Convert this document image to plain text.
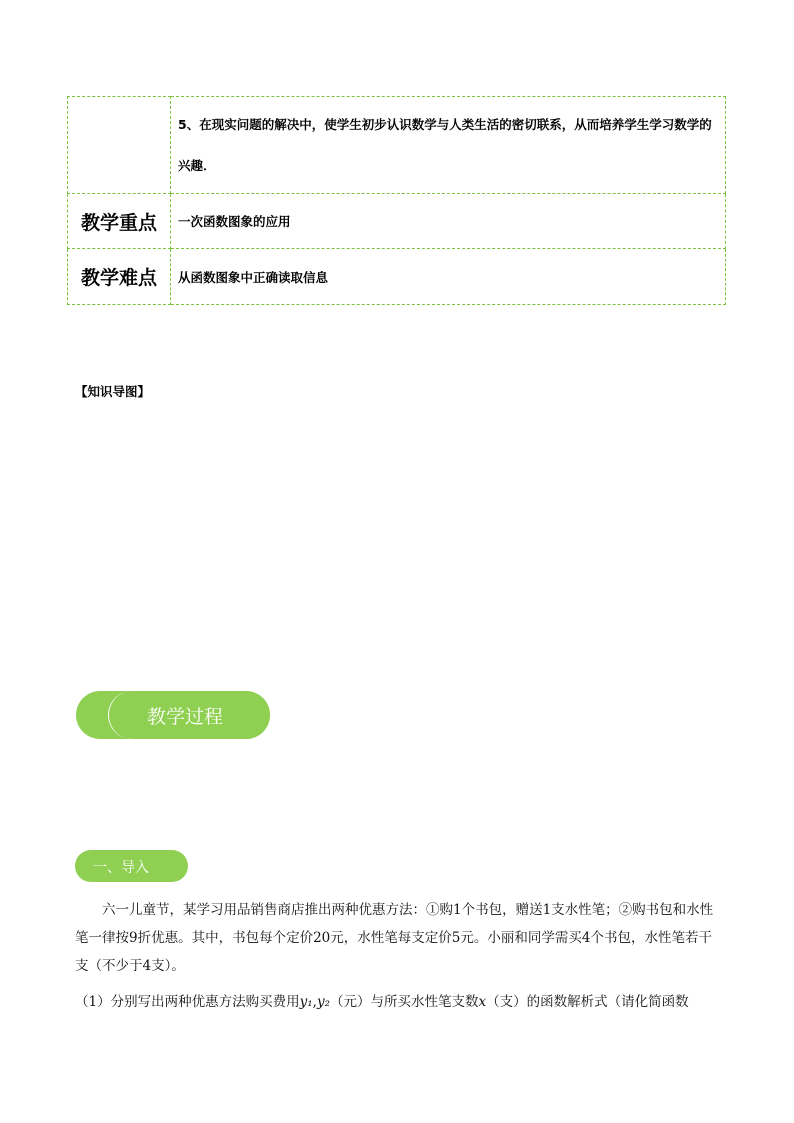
	5、在现实问题的解决中，使学生初步认识数学与人类生活的密切联系，从而培养学生学习数学的兴趣．

教学重点	一次函数图象的应用
教学难点	从函数图象中正确读取信息
【知识导图】
教学过程
一、导入
六一儿童节，某学习用品销售商店推出两种优惠方法：①购1个书包，赠送1支水性笔；②购书包和水性笔一律按9折优惠。其中，书包每个定价20元，水性笔每支定价5元。小丽和同学需买4个书包，水性笔若干支（不少于4支）。
（1）分别写出两种优惠方法购买费用y₁,y₂（元）与所买水性笔支数x（支）的函数解析式（请化简函数
